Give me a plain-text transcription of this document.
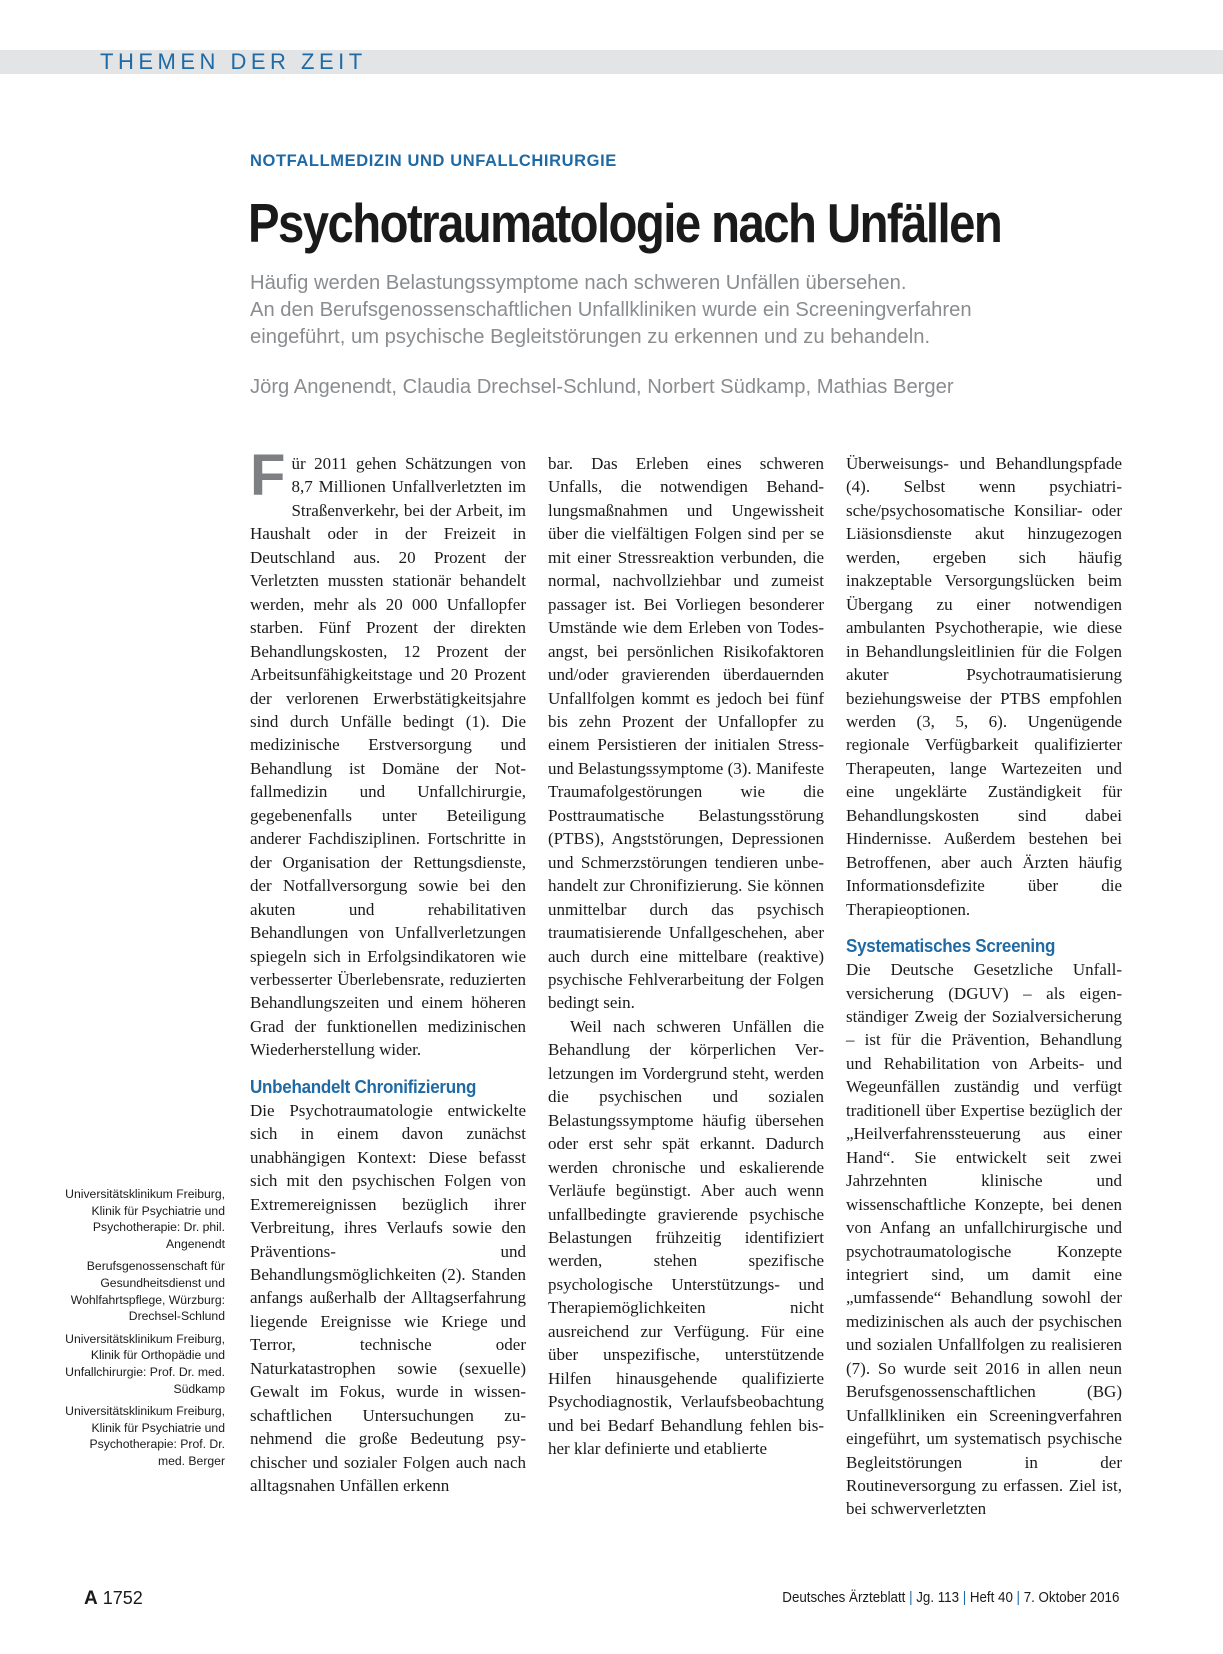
THEMEN DER ZEIT
NOTFALLMEDIZIN UND UNFALLCHIRURGIE
Psychotraumatologie nach Unfällen

Häufig werden Belastungssymptome nach schweren Unfällen übersehen.

An den Berufsgenossenschaftlichen Unfallkliniken wurde ein Screeningverfahren

eingeführt, um psychische Begleitstörungen zu erkennen und zu behandeln.

Jörg Angenendt, Claudia Drechsel-Schlund, Norbert Südkamp, Mathias Berger

Für 2011 gehen Schätzungen von 8,7 Millionen Unfallverletzten im Straßenverkehr, bei der Arbeit, im Haushalt oder in der Freizeit in Deutschland aus. 20 Prozent der Verletzten mussten stationär behandelt werden, mehr als 20 000 Unfallopfer starben. Fünf Prozent der direkten Behandlungskosten, 12 Prozent der Arbeitsunfähigkeitstage und 20 Prozent der verlorenen Erwerbstätigkeitsjahre sind durch Unfälle bedingt (1). Die medizinische Erstversorgung und Behandlung ist Domäne der Notfallmedizin und Unfallchirurgie, gegebenenfalls unter Beteiligung anderer Fachdisziplinen. Fortschritte in der Organisation der Rettungsdienste, der Notfallversorgung sowie bei den akuten und rehabilitativen Behandlungen von Unfallverletzungen spiegeln sich in Erfolgsindikatoren wie verbesserter Überlebensrate, reduzierten Behandlungszeiten und einem höheren Grad der funktionellen medizinischen Wiederherstellung wider.

Unbehandelt Chronifizierung

Die Psychotraumatologie entwickelte sich in einem davon zunächst unabhängigen Kontext: Diese befasst sich mit den psychischen Folgen von Extremereignissen bezüglich ihrer Verbreitung, ihres Verlaufs sowie den Präventions- und Behandlungsmöglichkeiten (2). Standen anfangs außerhalb der Alltagserfahrung liegende Ereignisse wie Kriege und Terror, technische oder Naturkatastrophen sowie (sexuelle) Gewalt im Fokus, wurde in wissenschaftlichen Untersuchungen zunehmend die große Bedeutung psychischer und sozialer Folgen auch nach alltagsnahen Unfällen erkenn

bar. Das Erleben eines schweren Unfalls, die notwendigen Behandlungsmaßnahmen und Ungewissheit über die vielfältigen Folgen sind per se mit einer Stressreaktion verbunden, die normal, nachvollziehbar und zumeist passager ist. Bei Vorliegen besonderer Umstände wie dem Erleben von Todesangst, bei persönlichen Risikofaktoren und/oder gravierenden überdauernden Unfallfolgen kommt es jedoch bei fünf bis zehn Prozent der Unfallopfer zu einem Persistieren der initialen Stress- und Belastungssymptome (3). Manifeste Traumafolgestörungen wie die Posttraumatische Belastungsstörung (PTBS), Angststörungen, Depressionen und Schmerzstörungen tendieren unbehandelt zur Chronifizierung. Sie können unmittelbar durch das psychisch traumatisierende Unfallgeschehen, aber auch durch eine mittelbare (reaktive) psychische Fehlverarbeitung der Folgen bedingt sein.

Weil nach schweren Unfällen die Behandlung der körperlichen Verletzungen im Vordergrund steht, werden die psychischen und sozialen Belastungssymptome häufig übersehen oder erst sehr spät erkannt. Dadurch werden chronische und eskalierende Verläufe begünstigt. Aber auch wenn unfallbedingte gravierende psychische Belastungen frühzeitig identifiziert werden, stehen spezifische psychologische Unterstützungs- und Therapiemöglichkeiten nicht ausreichend zur Verfügung. Für eine über unspezifische, unterstützende Hilfen hinausgehende qualifizierte Psychodiagnostik, Verlaufsbeobachtung und bei Bedarf Behandlung fehlen bisher klar definierte und etablierte

Überweisungs- und Behandlungspfade (4). Selbst wenn psychiatrische/psychosomatische Konsiliar- oder Liäsionsdienste akut hinzugezogen werden, ergeben sich häufig inakzeptable Versorgungslücken beim Übergang zu einer notwendigen ambulanten Psychotherapie, wie diese in Behandlungsleitlinien für die Folgen akuter Psychotraumatisierung beziehungsweise der PTBS empfohlen werden (3, 5, 6). Ungenügende regionale Verfügbarkeit qualifizierter Therapeuten, lange Wartezeiten und eine ungeklärte Zuständigkeit für Behandlungskosten sind dabei Hindernisse. Außerdem bestehen bei Betroffenen, aber auch Ärzten häufig Informationsdefizite über die Therapieoptionen.

Systematisches Screening

Die Deutsche Gesetzliche Unfallversicherung (DGUV) – als eigenständiger Zweig der Sozialversicherung – ist für die Prävention, Behandlung und Rehabilitation von Arbeits- und Wegeunfällen zuständig und verfügt traditionell über Expertise bezüglich der „Heilverfahrenssteuerung aus einer Hand“. Sie entwickelt seit zwei Jahrzehnten klinische und wissenschaftliche Konzepte, bei denen von Anfang an unfallchirurgische und psychotraumatologische Konzepte integriert sind, um damit eine „umfassende“ Behandlung sowohl der medizinischen als auch der psychischen und sozialen Unfallfolgen zu realisieren (7). So wurde seit 2016 in allen neun Berufsgenossenschaftlichen (BG) Unfallkliniken ein Screeningverfahren eingeführt, um systematisch psychische Begleitstörungen in der Routineversorgung zu erfassen. Ziel ist, bei schwerverletzten

Universitätsklinikum Freiburg, Klinik für Psychiatrie und Psychotherapie: Dr. phil. Angenendt

Berufsgenossenschaft für Gesundheitsdienst und Wohlfahrtspflege, Würzburg: Drechsel-Schlund

Universitätsklinikum Freiburg, Klinik für Orthopädie und Unfallchirurgie: Prof. Dr. med. Südkamp

Universitätsklinikum Freiburg, Klinik für Psychiatrie und Psychotherapie: Prof. Dr. med. Berger

A 1752	Deutsches Ärzteblatt | Jg. 113 | Heft 40 | 7. Oktober 2016
